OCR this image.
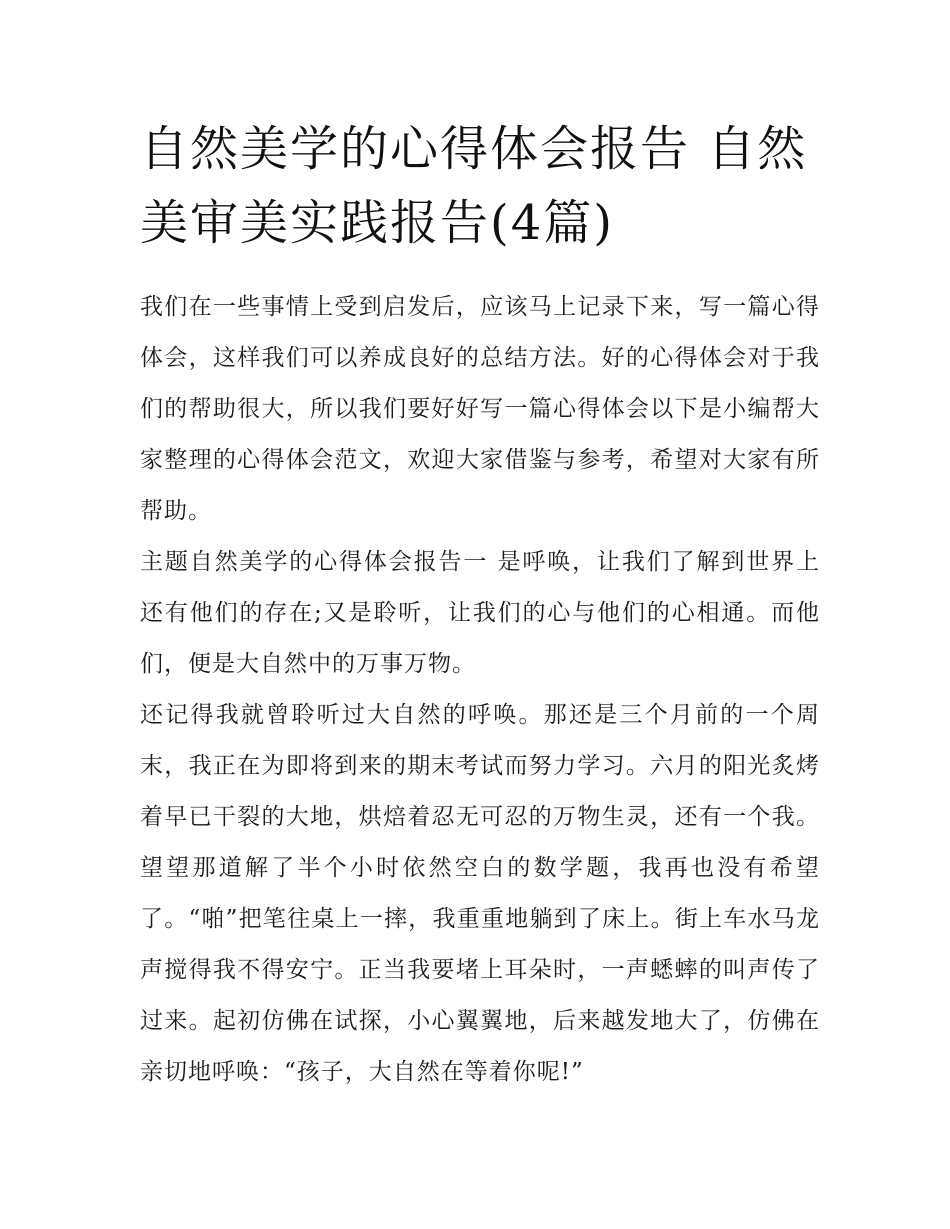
自然美学的心得体会报告 自然美审美实践报告(4篇)

我们在一些事情上受到启发后，应该马上记录下来，写一篇心得体会，这样我们可以养成良好的总结方法。好的心得体会对于我们的帮助很大，所以我们要好好写一篇心得体会以下是小编帮大家整理的心得体会范文，欢迎大家借鉴与参考，希望对大家有所帮助。

主题自然美学的心得体会报告一 是呼唤，让我们了解到世界上还有他们的存在;又是聆听，让我们的心与他们的心相通。而他们，便是大自然中的万事万物。

还记得我就曾聆听过大自然的呼唤。那还是三个月前的一个周末，我正在为即将到来的期末考试而努力学习。六月的阳光炙烤着早已干裂的大地，烘焙着忍无可忍的万物生灵，还有一个我。望望那道解了半个小时依然空白的数学题，我再也没有希望了。“啪”把笔往桌上一摔，我重重地躺到了床上。街上车水马龙声搅得我不得安宁。正当我要堵上耳朵时，一声蟋蟀的叫声传了过来。起初仿佛在试探，小心翼翼地，后来越发地大了，仿佛在亲切地呼唤：“孩子，大自然在等着你呢!”
